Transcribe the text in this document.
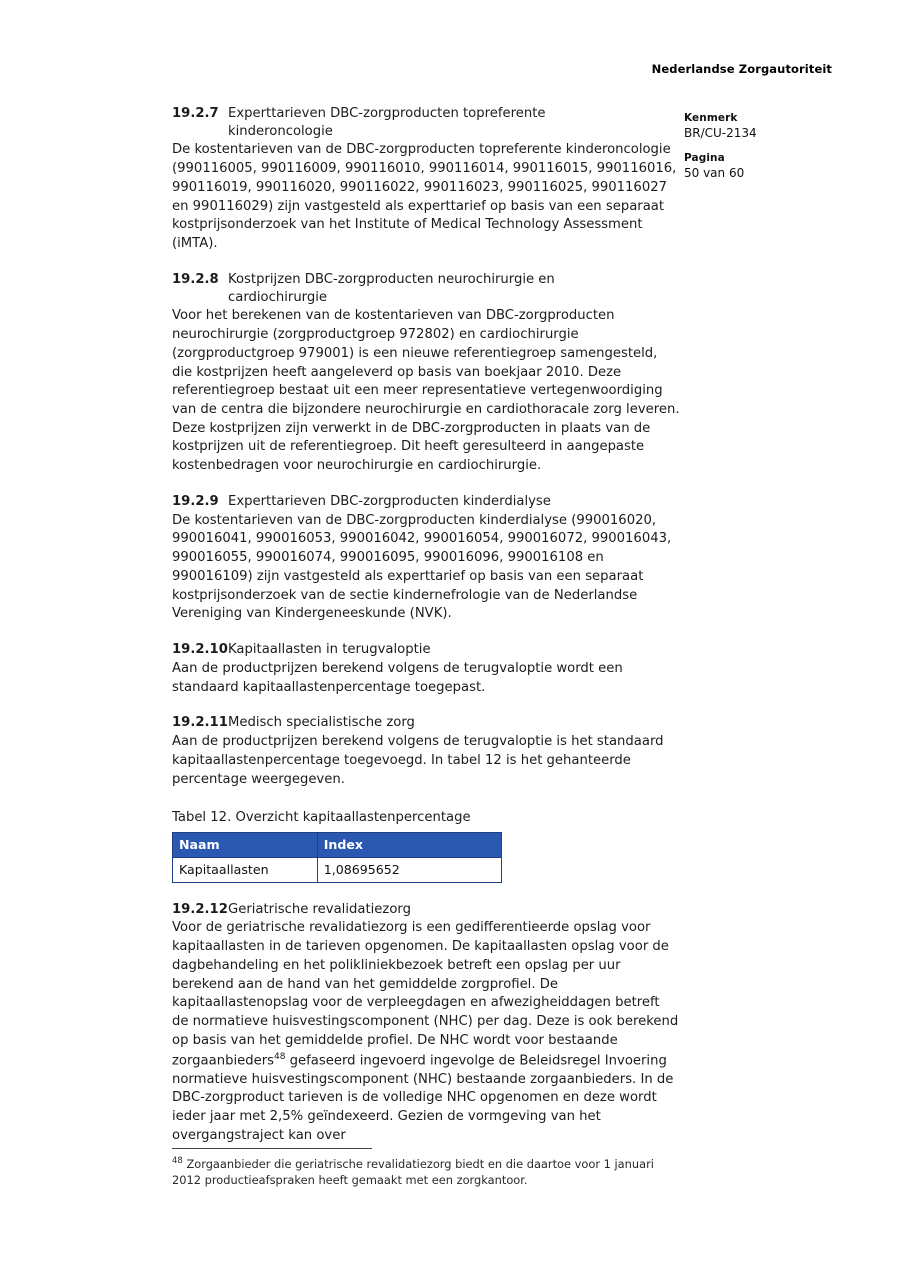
Nederlandse Zorgautoriteit
Kenmerk
BR/CU-2134
Pagina
50 van 60
19.2.7 Experttarieven DBC-zorgproducten topreferente
kinderoncologie
De kostentarieven van de DBC-zorgproducten topreferente kinderoncologie (990116005, 990116009, 990116010, 990116014, 990116015, 990116016, 990116019, 990116020, 990116022, 990116023, 990116025, 990116027 en 990116029) zijn vastgesteld als experttarief op basis van een separaat kostprijsonderzoek van het Institute of Medical Technology Assessment (iMTA).
19.2.8 Kostprijzen DBC-zorgproducten neurochirurgie en
cardiochirurgie
Voor het berekenen van de kostentarieven van DBC-zorgproducten neurochirurgie (zorgproductgroep 972802) en cardiochirurgie (zorgproductgroep 979001) is een nieuwe referentiegroep samengesteld, die kostprijzen heeft aangeleverd op basis van boekjaar 2010. Deze referentiegroep bestaat uit een meer representatieve vertegenwoordiging van de centra die bijzondere neurochirurgie en cardiothoracale zorg leveren. Deze kostprijzen zijn verwerkt in de DBC-zorgproducten in plaats van de kostprijzen uit de referentiegroep. Dit heeft geresulteerd in aangepaste kostenbedragen voor neurochirurgie en cardiochirurgie.
19.2.9 Experttarieven DBC-zorgproducten kinderdialyse
De kostentarieven van de DBC-zorgproducten kinderdialyse (990016020, 990016041, 990016053, 990016042, 990016054, 990016072, 990016043, 990016055, 990016074, 990016095, 990016096, 990016108 en 990016109) zijn vastgesteld als experttarief op basis van een separaat kostprijsonderzoek van de sectie kindernefrologie van de Nederlandse Vereniging van Kindergeneeskunde (NVK).
19.2.10Kapitaallasten in terugvaloptie
Aan de productprijzen berekend volgens de terugvaloptie wordt een standaard kapitaallastenpercentage toegepast.
19.2.11Medisch specialistische zorg
Aan de productprijzen berekend volgens de terugvaloptie is het standaard kapitaallastenpercentage toegevoegd. In tabel 12 is het gehanteerde percentage weergegeven.
Tabel 12. Overzicht kapitaallastenpercentage
Naam	Index
Kapitaallasten	1,08695652
19.2.12Geriatrische revalidatiezorg
Voor de geriatrische revalidatiezorg is een gedifferentieerde opslag voor kapitaallasten in de tarieven opgenomen. De kapitaallasten opslag voor de dagbehandeling en het polikliniekbezoek betreft een opslag per uur berekend aan de hand van het gemiddelde zorgprofiel. De kapitaallastenopslag voor de verpleegdagen en afwezigheiddagen betreft de normatieve huisvestingscomponent (NHC) per dag. Deze is ook berekend op basis van het gemiddelde profiel. De NHC wordt voor bestaande zorgaanbieders$^{48}$ gefaseerd ingevoerd ingevolge de Beleidsregel Invoering normatieve huisvestingscomponent (NHC) bestaande zorgaanbieders. In de DBC-zorgproduct tarieven is de volledige NHC opgenomen en deze wordt ieder jaar met 2,5% geïndexeerd. Gezien de vormgeving van het overgangstraject kan over
$^{48}$ Zorgaanbieder die geriatrische revalidatiezorg biedt en die daartoe voor 1 januari 2012 productieafspraken heeft gemaakt met een zorgkantoor.
